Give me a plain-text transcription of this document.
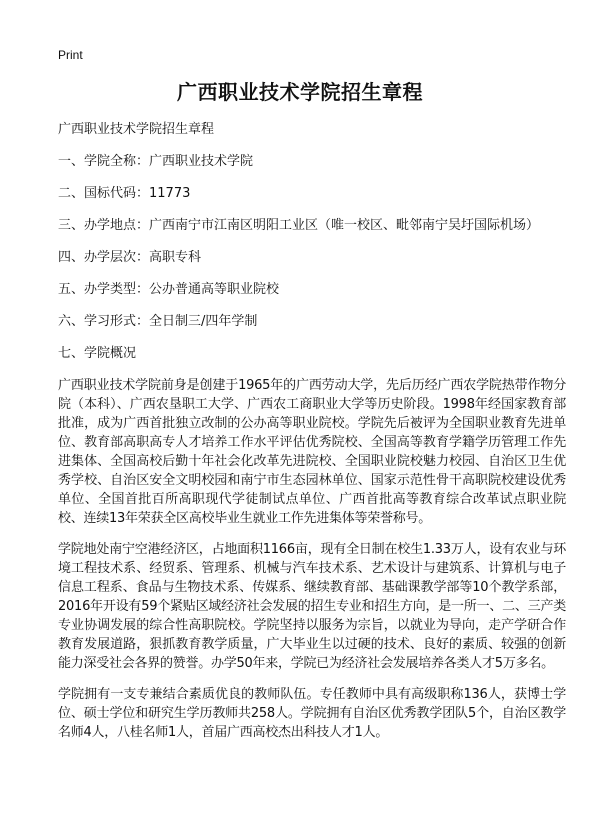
Print
广西职业技术学院招生章程

广西职业技术学院招生章程

一、学院全称：广西职业技术学院

二、国标代码：11773

三、办学地点：广西南宁市江南区明阳工业区（唯一校区、毗邻南宁吴圩国际机场）

四、办学层次：高职专科

五、办学类型：公办普通高等职业院校

六、学习形式：全日制三/四年学制

七、学院概况

广西职业技术学院前身是创建于1965年的广西劳动大学，先后历经广西农学院热带作物分院（本科）、广西农垦职工大学、广西农工商职业大学等历史阶段。1998年经国家教育部批准，成为广西首批独立改制的公办高等职业院校。学院先后被评为全国职业教育先进单位、教育部高职高专人才培养工作水平评估优秀院校、全国高等教育学籍学历管理工作先进集体、全国高校后勤十年社会化改革先进院校、全国职业院校魅力校园、自治区卫生优秀学校、自治区安全文明校园和南宁市生态园林单位、国家示范性骨干高职院校建设优秀单位、全国首批百所高职现代学徒制试点单位、广西首批高等教育综合改革试点职业院校、连续13年荣获全区高校毕业生就业工作先进集体等荣誉称号。

学院地处南宁空港经济区，占地面积1166亩，现有全日制在校生1.33万人，设有农业与环境工程技术系、经贸系、管理系、机械与汽车技术系、艺术设计与建筑系、计算机与电子信息工程系、食品与生物技术系、传媒系、继续教育部、基础课教学部等10个教学系部，2016年开设有59个紧贴区域经济社会发展的招生专业和招生方向，是一所一、二、三产类专业协调发展的综合性高职院校。学院坚持以服务为宗旨，以就业为导向，走产学研合作教育发展道路，狠抓教育教学质量，广大毕业生以过硬的技术、良好的素质、较强的创新能力深受社会各界的赞誉。办学50年来，学院已为经济社会发展培养各类人才5万多名。

学院拥有一支专兼结合素质优良的教师队伍。专任教师中具有高级职称136人，获博士学位、硕士学位和研究生学历教师共258人。学院拥有自治区优秀教学团队5个，自治区教学名师4人，八桂名师1人，首届广西高校杰出科技人才1人。
